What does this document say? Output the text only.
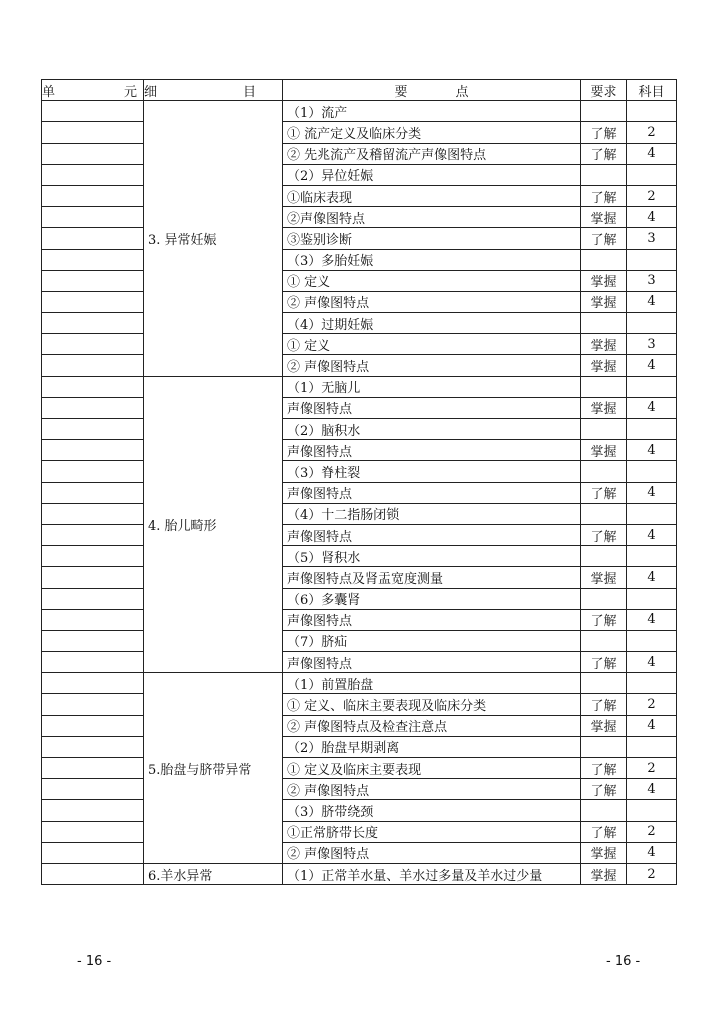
单 元	细 目	要 点	要求	科目
	3. 异常妊娠	（1）流产		
		① 流产定义及临床分类	了解	2
		② 先兆流产及稽留流产声像图特点	了解	4
		（2）异位妊娠		
		①临床表现	了解	2
		②声像图特点	掌握	4
		③鉴别诊断	了解	3
		（3）多胎妊娠		
		① 定义	掌握	3
		② 声像图特点	掌握	4
		（4）过期妊娠		
		① 定义	掌握	3
		② 声像图特点	掌握	4
	4. 胎儿畸形	（1）无脑儿		
		声像图特点	掌握	4
		（2）脑积水		
		声像图特点	掌握	4
		（3）脊柱裂		
		声像图特点	了解	4
		（4）十二指肠闭锁		
		声像图特点	了解	4
		（5）肾积水		
		声像图特点及肾盂宽度测量	掌握	4
		（6）多囊肾		
		声像图特点	了解	4
		（7）脐疝		
		声像图特点	了解	4
	5.胎盘与脐带异常	（1）前置胎盘		
		① 定义、临床主要表现及临床分类	了解	2
		② 声像图特点及检查注意点	掌握	4
		（2）胎盘早期剥离		
		① 定义及临床主要表现	了解	2
		② 声像图特点	了解	4
		（3）脐带绕颈		
		①正常脐带长度	了解	2
		② 声像图特点	掌握	4
	6.羊水异常	（1）正常羊水量、羊水过多量及羊水过少量	掌握	2
- 16 -	- 16 -
